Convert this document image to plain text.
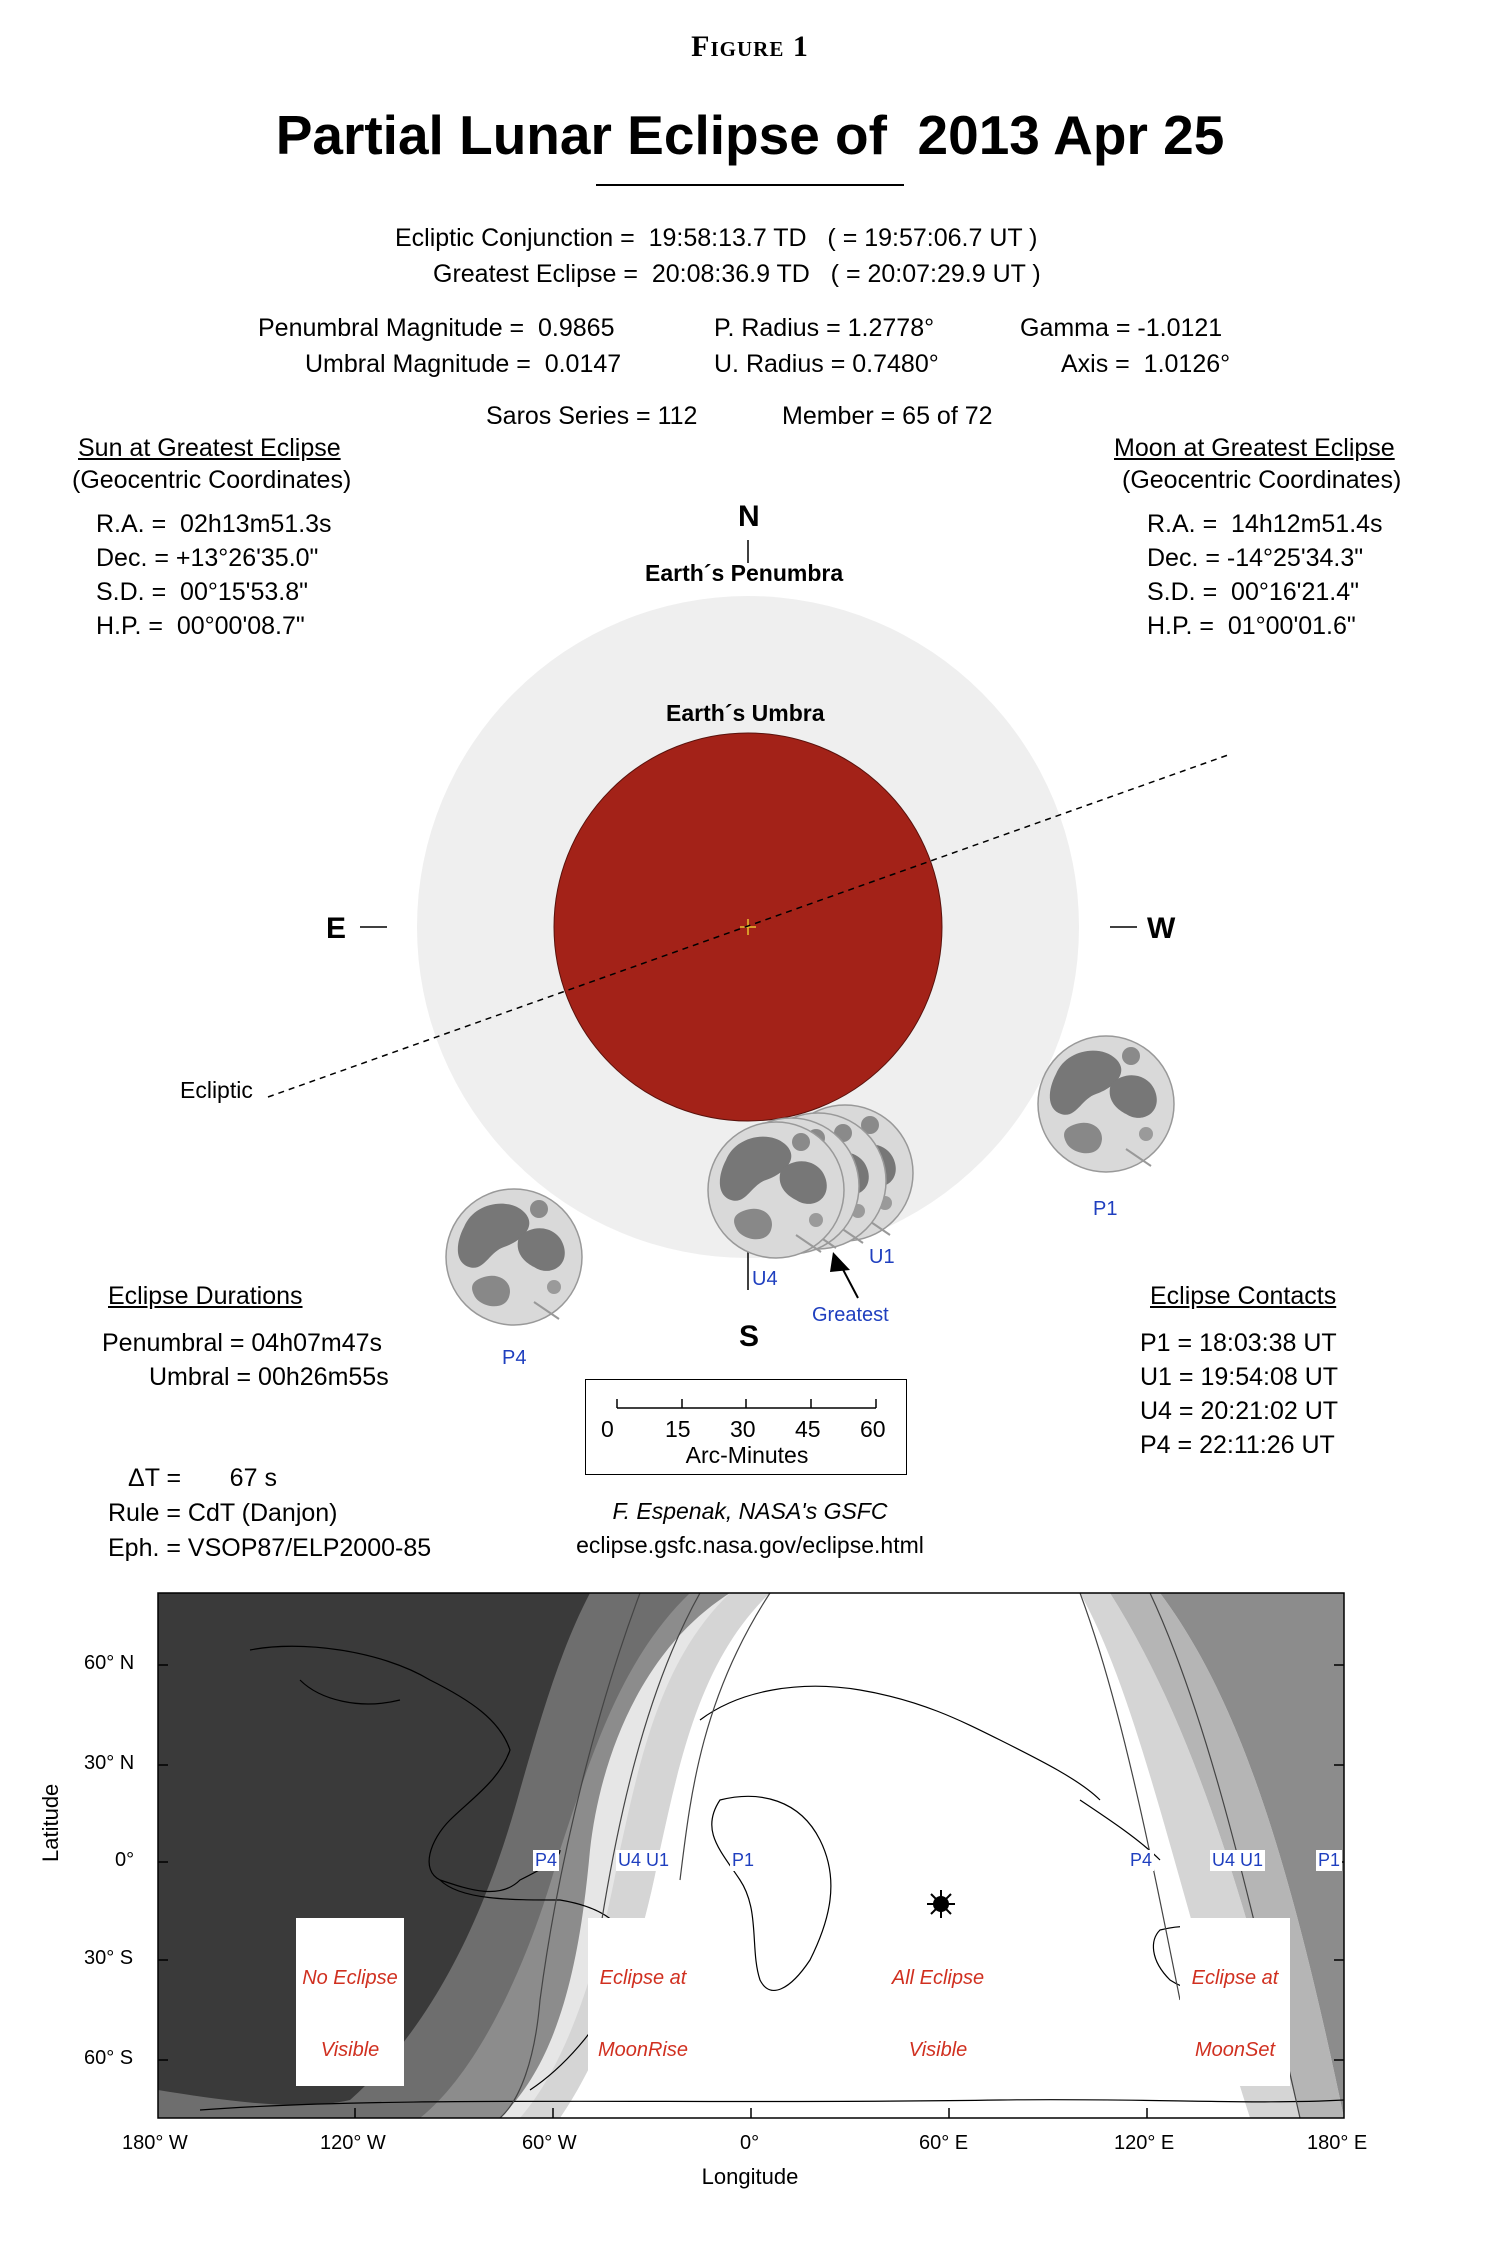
Figure 1
Partial Lunar Eclipse of  2013 Apr 25
Ecliptic Conjunction =  19:58:13.7 TD   ( = 19:57:06.7 UT )
Greatest Eclipse =  20:08:36.9 TD   ( = 20:07:29.9 UT )
Penumbral Magnitude =  0.9865
Umbral Magnitude =  0.0147
P. Radius = 1.2778°
U. Radius = 0.7480°
Gamma = -1.0121
Axis =  1.0126°
Saros Series = 112	Member = 65 of 72
Sun at Greatest Eclipse
(Geocentric Coordinates)
R.A. =  02h13m51.3s
Dec. = +13°26'35.0"
S.D. =  00°15'53.8"
H.P. =  00°00'08.7"
Moon at Greatest Eclipse
(Geocentric Coordinates)
R.A. =  14h12m51.4s
Dec. = -14°25'34.3"
S.D. =  00°16'21.4"
H.P. =  01°00'01.6"
N
S
E	W
Earth´s Penumbra
Earth´s Umbra
Ecliptic
P1
U1
U4
Greatest
P4
Eclipse Durations
Penumbral = 04h07m47s
Umbral = 00h26m55s
Eclipse Contacts
P1 = 18:03:38 UT
U1 = 19:54:08 UT
U4 = 20:21:02 UT
P4 = 22:11:26 UT
0 15 30 45 60
Arc-Minutes
ΔT =       67 s
Rule = CdT (Danjon)
Eph. = VSOP87/ELP2000-85
F. Espenak, NASA's GSFC
eclipse.gsfc.nasa.gov/eclipse.html
60° N
30° N
0°
30° S
60° S
Latitude
180° W	120° W	60° W	0°	60° E	120° E	180° E
Longitude
P4	U4 U1	P1	P4	U4 U1	P1

No Eclipse

Visible

Eclipse at

MoonRise

All Eclipse

Visible

Eclipse at

MoonSet
